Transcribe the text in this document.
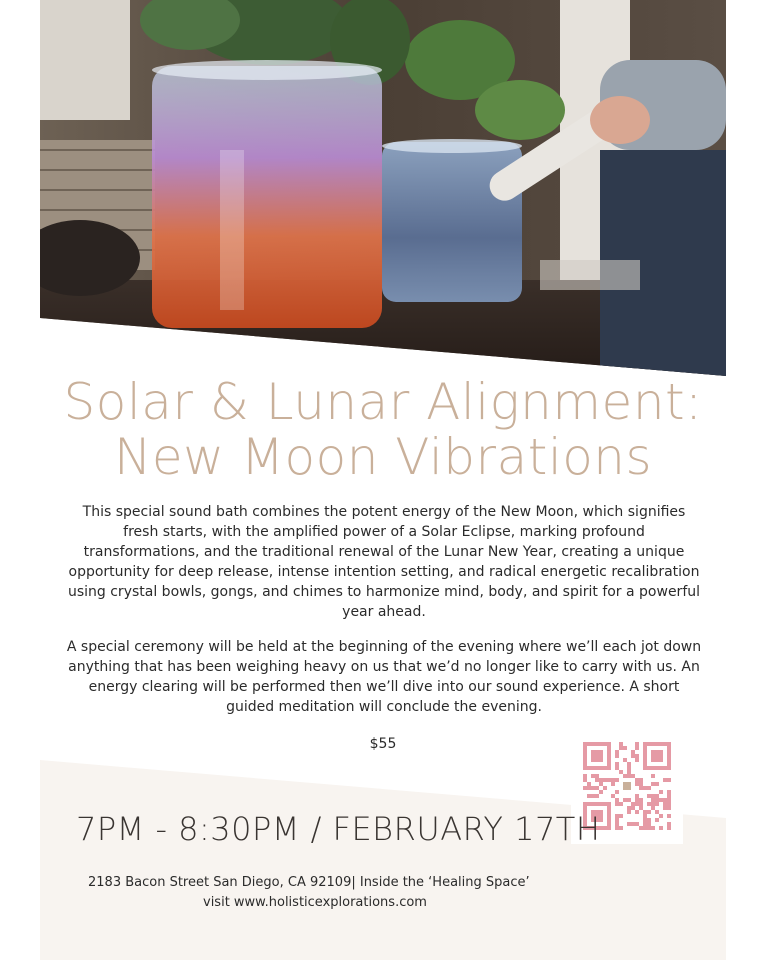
Solar & Lunar Alignment:
New Moon Vibrations

This special sound bath combines the potent energy of the New Moon, which signifies fresh starts, with the amplified power of a Solar Eclipse, marking profound transformations, and the traditional renewal of the Lunar New Year, creating a unique opportunity for deep release, intense intention setting, and radical energetic recalibration using crystal bowls, gongs, and chimes to harmonize mind, body, and spirit for a powerful year ahead.

A special ceremony will be held at the beginning of the evening where we’ll each jot down anything that has been weighing heavy on us that we’d no longer like to carry with us. An energy clearing will be performed then we’ll dive into our sound experience. A short guided meditation will conclude the evening.

$55
7PM - 8:30PM / FEBRUARY 17TH
2183 Bacon Street San Diego, CA 92109| Inside the ‘Healing Space’
visit www.holisticexplorations.com
